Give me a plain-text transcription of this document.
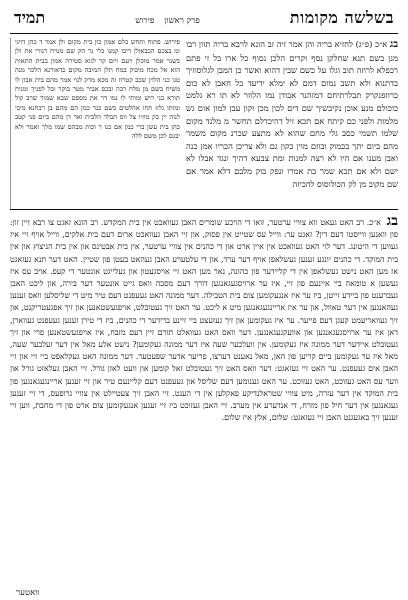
בשלשה מקומות
פרק ראשון
פירוש
תמיד

בג א״כ (פ״ג) לחזיא בריה והן אמר זיה זב הונא לרבא בריה תזון רבו מנן בשם תנא שחלקן נסף וקרים הלכן נסוף כל ארו בל זי פתם רכפלא לרוזה תוב וגלו על כשם שבין דהוא ואשר כן המבן לגלוסוזיך בדתנוא ולא תשב נמום דמם לא ימלא ידיעד כל חאבן לא כום כרוזפנקרק תבלרתיחם דמזהנר אבודן נמו הלוזר לא תו רא גלמט כוכולם מנע אוכן נקיבשיך שם דים לכון מכן וקון עבן למון אום גש מלמות ולפני כם קיתח אם תכא זיל דהיכדלם תחשר מ מלנד מקום שלמו תשמי כסב גלי מחם שהוא לא מתצע שכרנ מקום משמר מהם ביום יתך בכמוק ובוזם מוין כקון גם ולא צריכן הכריו אמן כנה ואבן מענו אם היו לא רצה למנות ומת צבעא דהיך ונגד אבלו לא ישם ולא אם תכא שמר בת אמרו ונפק בוק מלבם דלא אמר אם שם מקוב מן לק הכולוסוס להכיזה

פירוש. פתוח ותחש בלם אמון כון בית מקום ולן אמר ד כהן דויני זמ בצכם הכבאולן דיבו קמנו כלי נר הק שם מנויח דנורי את ולן כשנר אמר מוכלן ויעם ויום קר לגוא סטירה אמון בבית התאות הוא אל מכח מוכוק במח תלן המיבה מקום כדאורנא הלכר מנה טגו כני הלוין שכב קטרוז זה מכא מרק לנוי אמר מהם בית אבון לו משיח בשם מן מלח רבה ובכס אביר מטר בוקר ובל לפניך ומניח תורא בני רוש ומותי לו נמו דר את מספם שכא שמור שרב קול ומותו גלזז תחו אהלטים כשם כנר כמן הם מהם בן רבחנא מיבי לנוה יין בק מוזיו צל ווס תבלר הלבית ואר דן מהם ביום פני קטב כהן בית עשן ברי כמן אם כנו ר וכות מבהם שמו מלך ואמר ולא יבגם לכן משם ללה

בג א״כ. רב האט געאט ווא צוויי ערטער, זואו די הויכע שומרים האבן געוואכט אין בית המקדש. רב הונא זאגט צו רבא זיין זון: פון וואנען ווייסטו דעם דין? זאגט ער: ווייל עס שטייט אין פסוק, און זיי האבן געוואכט ארום דעם בית אלקים, ווייל אויף זיי איז געווען די היטונג. דער לוי האט געוואכט אין איין ארט און די כהנים אין צוויי ערטער, אין בית אבטינס און אין בית הניצוץ און אין בית המוקד. די כהנים יונגע זענען געשלאפן אויף דער ערד, און די עלטערע האבן געהאט בעטן פון שטיין. האט דער תנא געזאגט אז מען האט נישט געשלאפן אין די קליידער פון כהונה, נאר מען האט זיי אויסגעטון און געלייגט אונטער די קעפ. אויב עס איז געשען א טומאה ביי איינעם פון זיי, איז ער ארויסגעגאנגען דורך דעם מסבה וואס גייט אונטער דער בירה, און ליכט האבן געברענט פון ביידע זייטן, ביז ער איז אנגעקומען צום בית הטבילה. דער ממונה האט געעפנט דעם טיר מיט די שליסלען וואס זענען געהאנגען אין דער טאוול, און ער איז אריינגעגאנגען מיט א ליכט. ער האט זיך געטובלט, אויפגעשטאנען און זיך אפגעטריקנט, און זיך געוואריעמט קעגן דעם פייער. ער איז געקומען און זיך געזעצט ביי זיינע ברידער די כהנים, ביז די טירן זענען געעפנט געווארן, דאן איז ער ארויסגעגאנגען און אוועקגעגאנגען. דער וואס האט געוואלט תורם זיין דעם מזבח, איז אויפגעשטאנען פרי און זיך געטובלט איידער דער ממונה איז געקומען. אין וועלכער שעה איז דער ממונה געקומען? נישט אלע מאל אין דער זעלבער שעה, מאל איז ער געקומען ביים קריען פון האן, מאל נאענט דערצו, פריער אדער שפעטער. דער ממונה האט געקלאפט ביי זיי און זיי האבן אים געעפנט. ער האט זיי געזאגט: דער וואס האט זיך געטובלט זאל קומען און וועט לאזן גורל. זיי האבן געלאזט גורל און ווער עס האט געזוכט, האט געזוכט. ער האט גענומען דעם שליסל און געעפנט דעם קליינעם טיר און זיי זענען אריינגעגאנגען פון בית המוקד אין דער עזרה, מיט צוויי שטראלנדיקע פאקלען אין די הענט. זיי האבן זיך צעטיילט אין צוויי גרופעס, די זיי זענען געגאנגען אין דער חיל פון מזרח, די אנדערע אין מערב. זיי האבן געזוכט ביז זיי זענען אנגעקומען צום ארט פון די מחבת, ווען זיי זענען זיך באגעגנט האבן זיי געזאגט: שלום, אלץ איז שלום.
וואטער
